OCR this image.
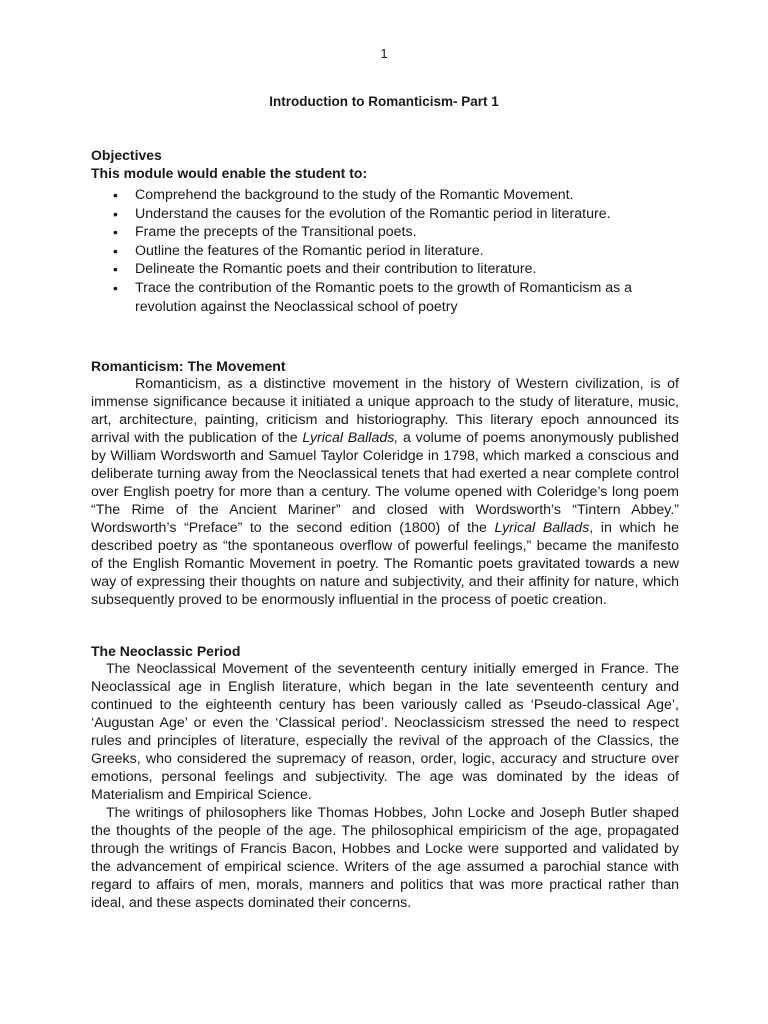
1
Introduction to Romanticism- Part 1
Objectives
This module would enable the student to:
• Comprehend the background to the study of the Romantic Movement.
• Understand the causes for the evolution of the Romantic period in literature.
• Frame the precepts of the Transitional poets.
• Outline the features of the Romantic period in literature.
• Delineate the Romantic poets and their contribution to literature.
• Trace the contribution of the Romantic poets to the growth of Romanticism as a revolution against the Neoclassical school of poetry
Romanticism: The Movement

Romanticism, as a distinctive movement in the history of Western civilization, is of immense significance because it initiated a unique approach to the study of literature, music, art, architecture, painting, criticism and historiography. This literary epoch announced its arrival with the publication of the Lyrical Ballads, a volume of poems anonymously published by William Wordsworth and Samuel Taylor Coleridge in 1798, which marked a conscious and deliberate turning away from the Neoclassical tenets that had exerted a near complete control over English poetry for more than a century. The volume opened with Coleridge’s long poem “The Rime of the Ancient Mariner” and closed with Wordsworth’s “Tintern Abbey.” Wordsworth’s “Preface” to the second edition (1800) of the Lyrical Ballads, in which he described poetry as “the spontaneous overflow of powerful feelings,” became the manifesto of the English Romantic Movement in poetry. The Romantic poets gravitated towards a new way of expressing their thoughts on nature and subjectivity, and their affinity for nature, which subsequently proved to be enormously influential in the process of poetic creation.

The Neoclassic Period

The Neoclassical Movement of the seventeenth century initially emerged in France. The Neoclassical age in English literature, which began in the late seventeenth century and continued to the eighteenth century has been variously called as ‘Pseudo-classical Age’, ‘Augustan Age’ or even the ‘Classical period’. Neoclassicism stressed the need to respect rules and principles of literature, especially the revival of the approach of the Classics, the Greeks, who considered the supremacy of reason, order, logic, accuracy and structure over emotions, personal feelings and subjectivity. The age was dominated by the ideas of Materialism and Empirical Science.

The writings of philosophers like Thomas Hobbes, John Locke and Joseph Butler shaped the thoughts of the people of the age. The philosophical empiricism of the age, propagated through the writings of Francis Bacon, Hobbes and Locke were supported and validated by the advancement of empirical science. Writers of the age assumed a parochial stance with regard to affairs of men, morals, manners and politics that was more practical rather than ideal, and these aspects dominated their concerns.
